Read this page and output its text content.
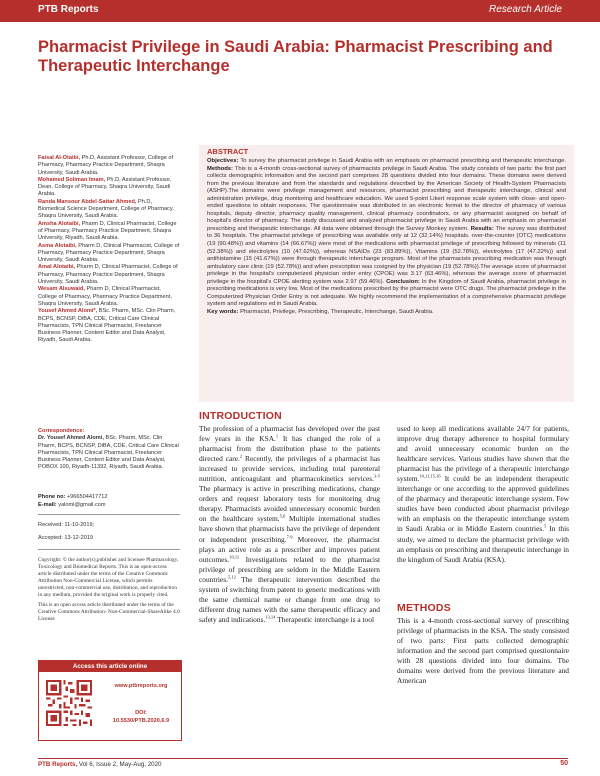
PTB Reports	Research Article
Pharmacist Privilege in Saudi Arabia: Pharmacist Prescribing and Therapeutic Interchange
Faisal Al-Otaibi, Ph.D, Assistant Professor, College of Pharmacy, Pharmacy Practice Department, Shaqra University, Saudi Arabia.
Mohamed Soliman Imam, Ph.D, Assistant Professor, Dean, College of Pharmacy, Shaqra University, Saudi Arabia.
Randa Mansour Abdel-Sattar Ahmed, Ph.D, Biomedical Science Department, College of Pharmacy, Shaqra University, Saudi Arabia.
Amsha Alotaibi, Pharm D, Clinical Pharmacist, College of Pharmacy, Pharmacy Practice Department, Shaqra University, Riyadh, Saudi Arabia.
Asma Alotaibi, Pharm D, Clinical Pharmacist, College of Pharmacy, Pharmacy Practice Department, Shaqra University, Saudi Arabia.
Amal Alotaibi, Pharm D, Clinical Pharmacist, College of Pharmacy, Pharmacy Practice Department, Shaqra University, Saudi Arabia.
Wesam Alsuwaid, Pharm D, Clinical Pharmacist, College of Pharmacy, Pharmacy Practice Department, Shaqra University, Saudi Arabia.
Yousef Ahmed Alomi*, BSc. Pharm, MSc. Clin Pharm, BCPS, BCNSP, DiBA, CDE, Critical Care Clinical Pharmacists, TPN Clinical Pharmacist, Freelancer Business Planner, Content Editor and Data Analyst, Riyadh, Saudi Arabia.
Correspondence:
Dr. Yousef Ahmed Alomi, BSc. Pharm, MSc. Clin Pharm, BCPS, BCNSP, DiBA, CDE, Critical Care Clinical Pharmacists, TPN Clinical Pharmacist, Freelancer Business Planner, Content Editor and Data Analyst, POBOX 100, Riyadh-11392, Riyadh, Saudi Arabia.
Phone no: +966504417712
E-mail: yalomi@gmail.com
Received: 11-10-2019;
Accepted: 13-12-2019
Copyright: © the author(s),publisher and licensee Pharmacology, Toxicology and Biomedical Reports. This is an open-access article distributed under the terms of the Creative Commons Attribution Non-Commercial License, which permits unrestricted, non-commercial use, distribution, and reproduction in any medium, provided the original work is properly cited.
This is an open access article distributed under the terms of the Creative Commons Attribution- Non-Commercial-ShareAlike 4.0 License
Access this article online
www.ptbreports.org
DOI:
10.5530/PTB.2020.6.9
ABSTRACT
Objectives: To survey the pharmacist privilege in Saudi Arabia with an emphasis on pharmacist prescribing and therapeutic interchange. Methods: This is a 4-month cross-sectional survey of pharmacists privilege in Saudi Arabia. The study consists of two parts: the first part collects demographic information and the second part comprises 28 questions divided into four domains. These domains were derived from the previous literature and from the standards and regulations described by the American Society of Health-System Pharmacists (ASHP).The domains were privilege management and resources, pharmacist prescribing and therapeutic interchange, clinical and administration privilege, drug monitoring and healthcare education. We used 5-point Likert response scale system with close- and open-ended questions to obtain responses. The questionnaire was distributed in an electronic format to the director of pharmacy of various hospitals, deputy director, pharmacy quality management, clinical pharmacy coordinators, or any pharmacist assigned on behalf of hospital's director of pharmacy. The study discussed and analyzed pharmacist privilege in Saudi Arabia with an emphasis on pharmacist prescribing and therapeutic interchange. All data were obtained through the Survey Monkey system. Results: The survey was distributed to 36 hospitals. The pharmacist privilege of prescribing was available only at 12 (32.14%) hospitals. over-the-counter (OTC) medications (19 (90.48%)) and vitamins (14 (66.67%)) were most of the medications with pharmacist privilege of prescribing followed by minerals (11 (52.38%)) and electrolytes (10 (47.62%)), whereas NSAIDs (23 (83.89%)), Vitamins (19 (52.78%)), electrolytes (17 (47.22%)) and antihistamine (15 (41.67%)) were through therapeutic interchange program. Most of the pharmacists prescribing medication was through ambulatory care clinic (19 (52.78%)) and when prescription was cosigned by the physician (19 (52.78%)).The average score of pharmacist privilege in the hospital's computerized physician order entry (CPOE) was 3.17 (63.46%), whereas the average score of pharmacist privilege in the hospital's CPOE alerting system was 2.97 (59.46%). Conclusion: In the Kingdom of Saudi Arabia, pharmacist privilege in prescribing medications is very low. Most of the medications prescribed by the pharmacist were OTC drugs. The pharmacist privilege in the Computerized Physician Order Entry is not adequate. We highly recommend the implementation of a comprehensive pharmacist privilege system and regulations ed in Saudi Arabia.
Key words: Pharmacist, Privilege, Prescribing, Therapeutic, Interchange, Saudi Arabia.
INTRODUCTION
The profession of a pharmacist has developed over the past few years in the KSA.$^1$ It has changed the role of a pharmacist from the distribution phase to the patients directed care.$^2$ Recently, the privileges of a pharmacist has increased to provide services, including total parenteral nutrition, anticoagulant and pharmacokinetics services.$^{3-5}$ The pharmacy is active in prescribing medications, change orders and request laboratory tests for monitoring drug therapy. Pharmacists avoided unnecessary economic burden on the healthcare system.$^{5,6}$ Multiple international studies have shown that pharmacists have the privilege of dependent or independent prescribing.$^{7-9}$ Moreover, the pharmacist plays an active role as a prescriber and improves patient outcomes.$^{10,11}$ Investigations related to the pharmacist privilege of prescribing are seldom in the Middle Eastern countries.$^{5,12}$ The therapeutic intervention described the system of switching from patent to generic medications with the same chemical name or change from one drug to different drug names with the same therapeutic efficacy and safety and indications.$^{13,14}$ Therapeutic interchange is a tool
used to keep all medications available 24/7 for patients, improve drug therapy adherence to hospital formulary and avoid unnecessary economic burden on the healthcare services. Various studies have shown that the pharmacist has the privilege of a therapeutic interchange system.$^{10,11,15,16}$ It could be an independent therapeutic interchange or one according to the approved guidelines of the pharmacy and therapeutic interchange system. Few studies have been conducted about pharmacist privilege with an emphasis on the therapeutic interchange system in Saudi Arabia or in Middle Eastern countries.$^5$ In this study, we aimed to declare the pharmacist privilege with an emphasis on prescribing and therapeutic interchange in the kingdom of Saudi Arabia (KSA).
METHODS
This is a 4-month cross-sectional survey of prescribing privilege of pharmacists in the KSA. The study consisted of two parts: First parts collected demographic information and the second part comprised questionnaire with 28 questions divided into four domains. The domains were derived from the previous literature and American
PTB Reports, Vol 6, Issue 2, May-Aug, 2020	50
